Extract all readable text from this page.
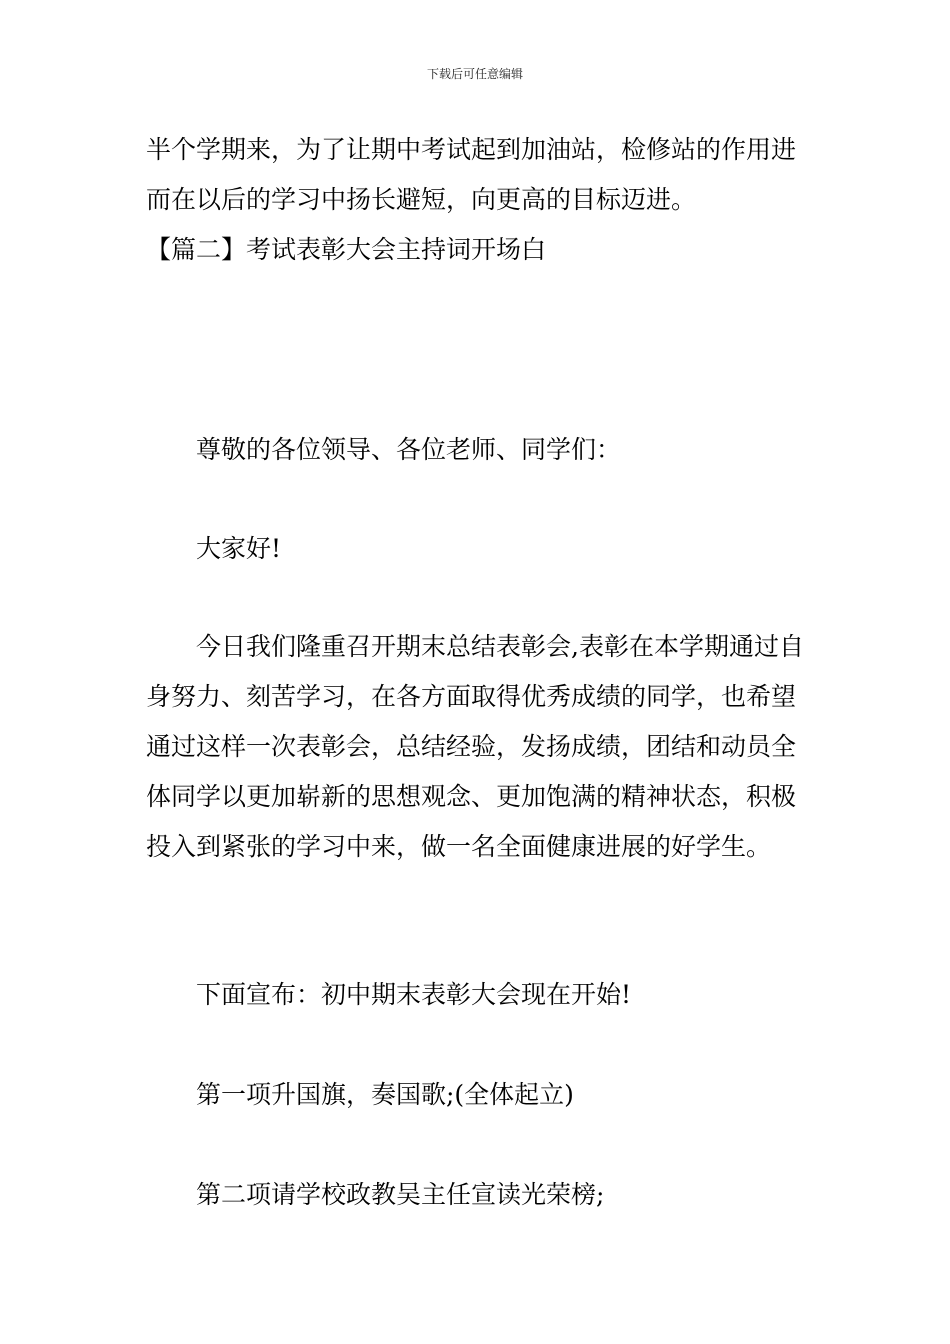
下载后可任意编辑

半个学期来，为了让期中考试起到加油站，检修站的作用进而在以后的学习中扬长避短，向更高的目标迈进。

【篇二】考试表彰大会主持词开场白

尊敬的各位领导、各位老师、同学们：

大家好!

今日我们隆重召开期末总结表彰会,表彰在本学期通过自身努力、刻苦学习，在各方面取得优秀成绩的同学，也希望通过这样一次表彰会，总结经验，发扬成绩，团结和动员全体同学以更加崭新的思想观念、更加饱满的精神状态，积极投入到紧张的学习中来，做一名全面健康进展的好学生。

下面宣布：初中期末表彰大会现在开始!

第一项升国旗，奏国歌;(全体起立)

第二项请学校政教吴主任宣读光荣榜;
